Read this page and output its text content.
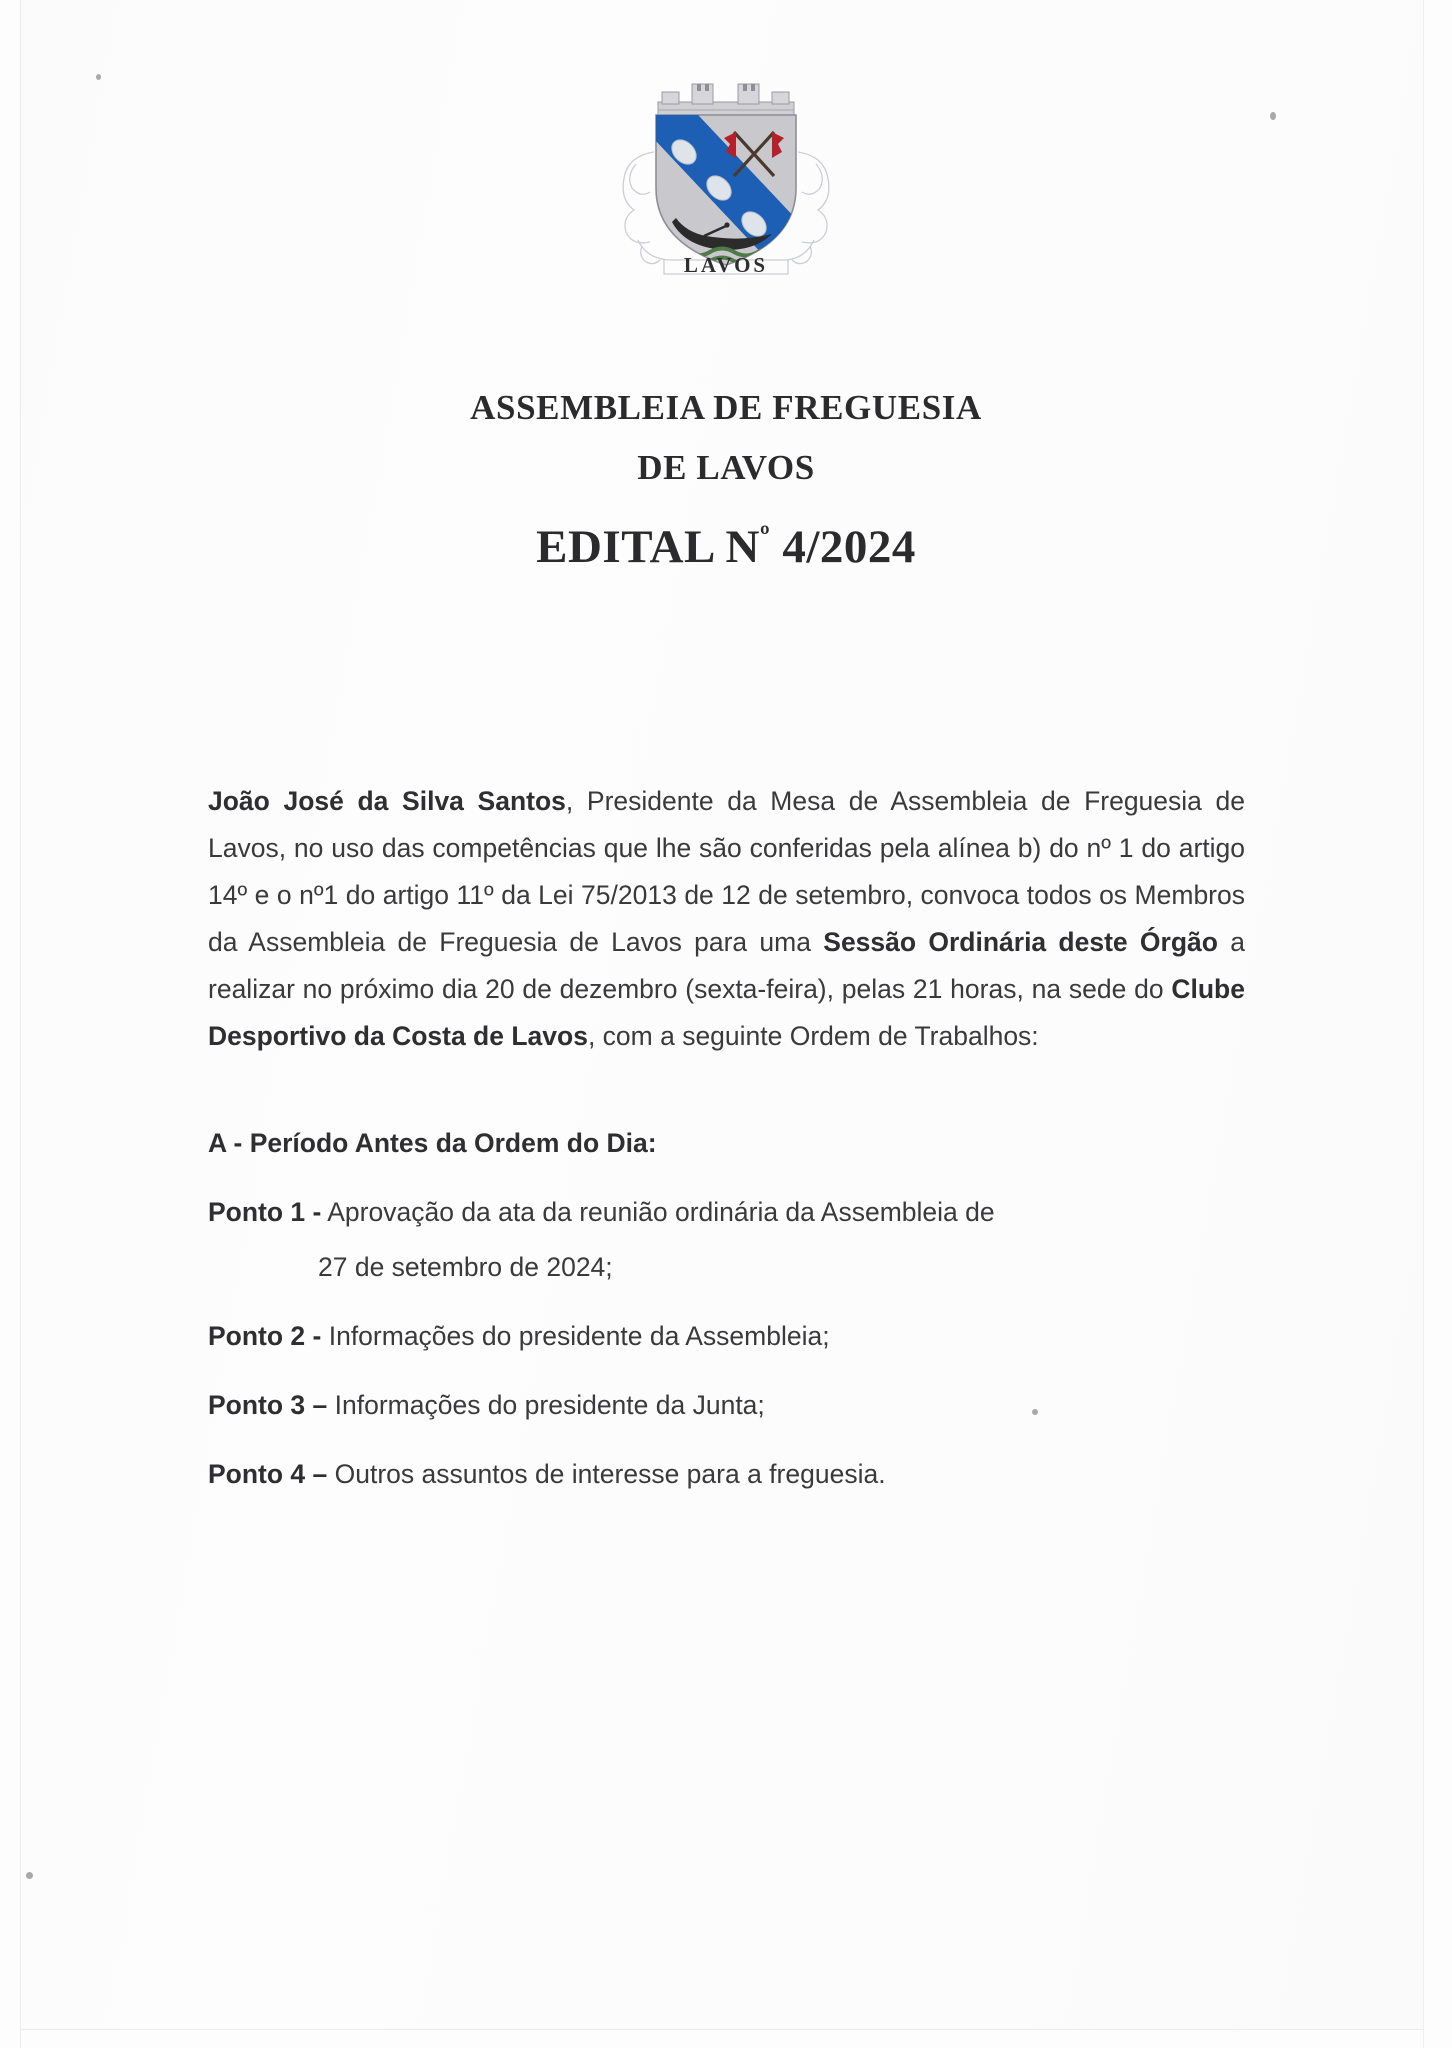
LAVOS
ASSEMBLEIA DE FREGUESIA
DE LAVOS
EDITAL $N^º$ 4/2024

João José da Silva Santos, Presidente da Mesa de Assembleia de Freguesia de Lavos, no uso das competências que lhe são conferidas pela alínea b) do nº 1 do artigo 14º e o nº1 do artigo 11º da Lei 75/2013 de 12 de setembro, convoca todos os Membros da Assembleia de Freguesia de Lavos para uma Sessão Ordinária deste Órgão a realizar no próximo dia 20 de dezembro (sexta-feira), pelas 21 horas, na sede do Clube Desportivo da Costa de Lavos, com a seguinte Ordem de Trabalhos:

A - Período Antes da Ordem do Dia:
Ponto 1 - Aprovação da ata da reunião ordinária da Assembleia de
27 de setembro de 2024;
Ponto 2 - Informações do presidente da Assembleia;
Ponto 3 – Informações do presidente da Junta;
Ponto 4 – Outros assuntos de interesse para a freguesia.
